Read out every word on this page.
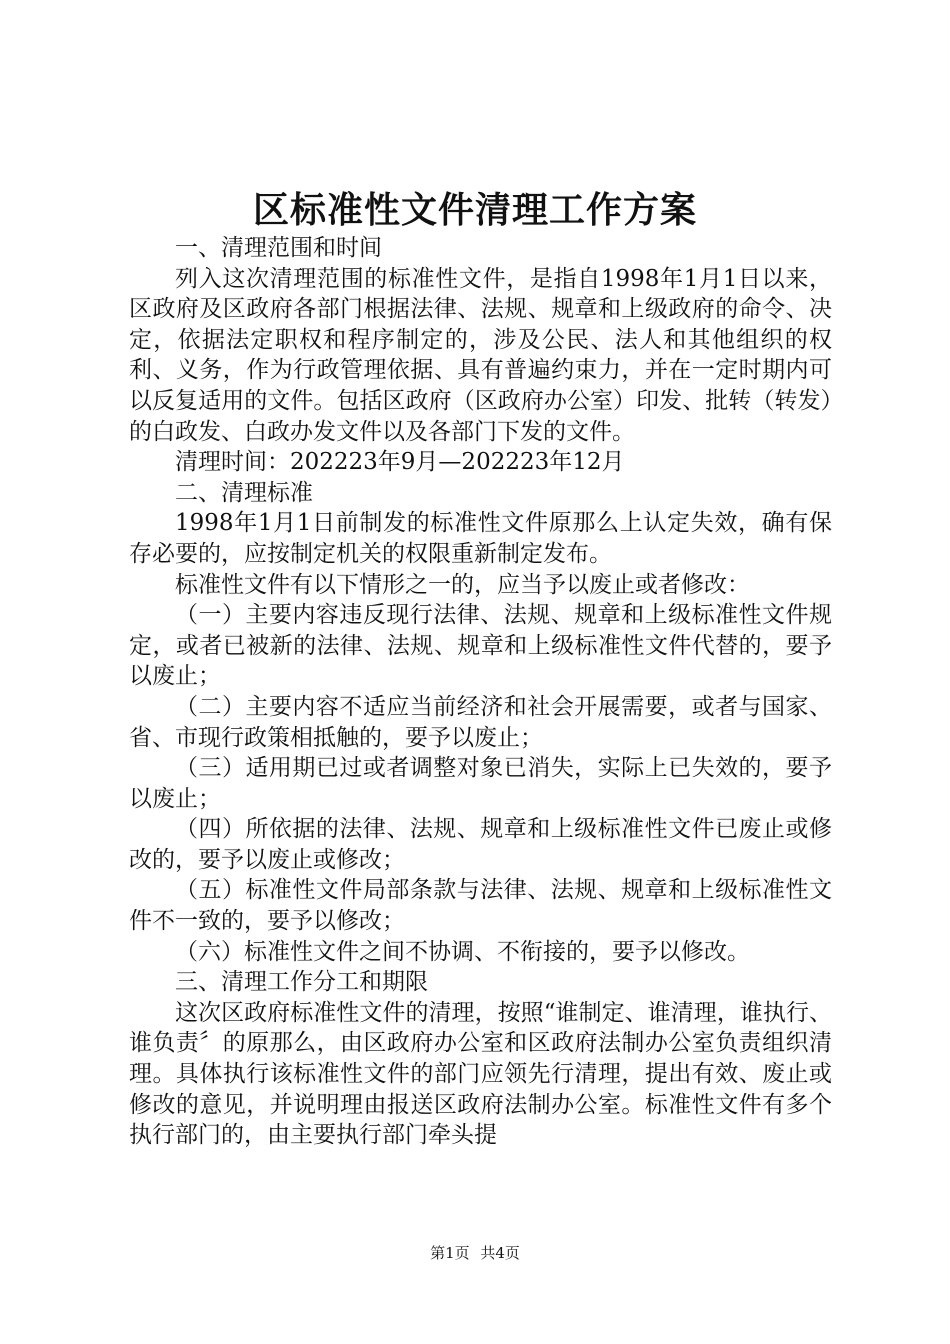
区标准性文件清理工作方案

一、清理范围和时间

列入这次清理范围的标准性文件，是指自1998年1月1日以来，区政府及区政府各部门根据法律、法规、规章和上级政府的命令、决定，依据法定职权和程序制定的，涉及公民、法人和其他组织的权利、义务，作为行政管理依据、具有普遍约束力，并在一定时期内可以反复适用的文件。包括区政府（区政府办公室）印发、批转（转发）的白政发、白政办发文件以及各部门下发的文件。

清理时间：202223年9月—202223年12月

二、清理标准

1998年1月1日前制发的标准性文件原那么上认定失效，确有保存必要的，应按制定机关的权限重新制定发布。

标准性文件有以下情形之一的，应当予以废止或者修改：

（一）主要内容违反现行法律、法规、规章和上级标准性文件规定，或者已被新的法律、法规、规章和上级标准性文件代替的，要予以废止；

（二）主要内容不适应当前经济和社会开展需要，或者与国家、省、市现行政策相抵触的，要予以废止；

（三）适用期已过或者调整对象已消失，实际上已失效的，要予以废止；

（四）所依据的法律、法规、规章和上级标准性文件已废止或修改的，要予以废止或修改；

（五）标准性文件局部条款与法律、法规、规章和上级标准性文件不一致的，要予以修改；

（六）标准性文件之间不协调、不衔接的，要予以修改。

三、清理工作分工和期限

这次区政府标准性文件的清理，按照“谁制定、谁清理，谁执行、谁负责〞的原那么，由区政府办公室和区政府法制办公室负责组织清理。具体执行该标准性文件的部门应领先行清理，提出有效、废止或修改的意见，并说明理由报送区政府法制办公室。标准性文件有多个执行部门的，由主要执行部门牵头提

第1页 共4页
